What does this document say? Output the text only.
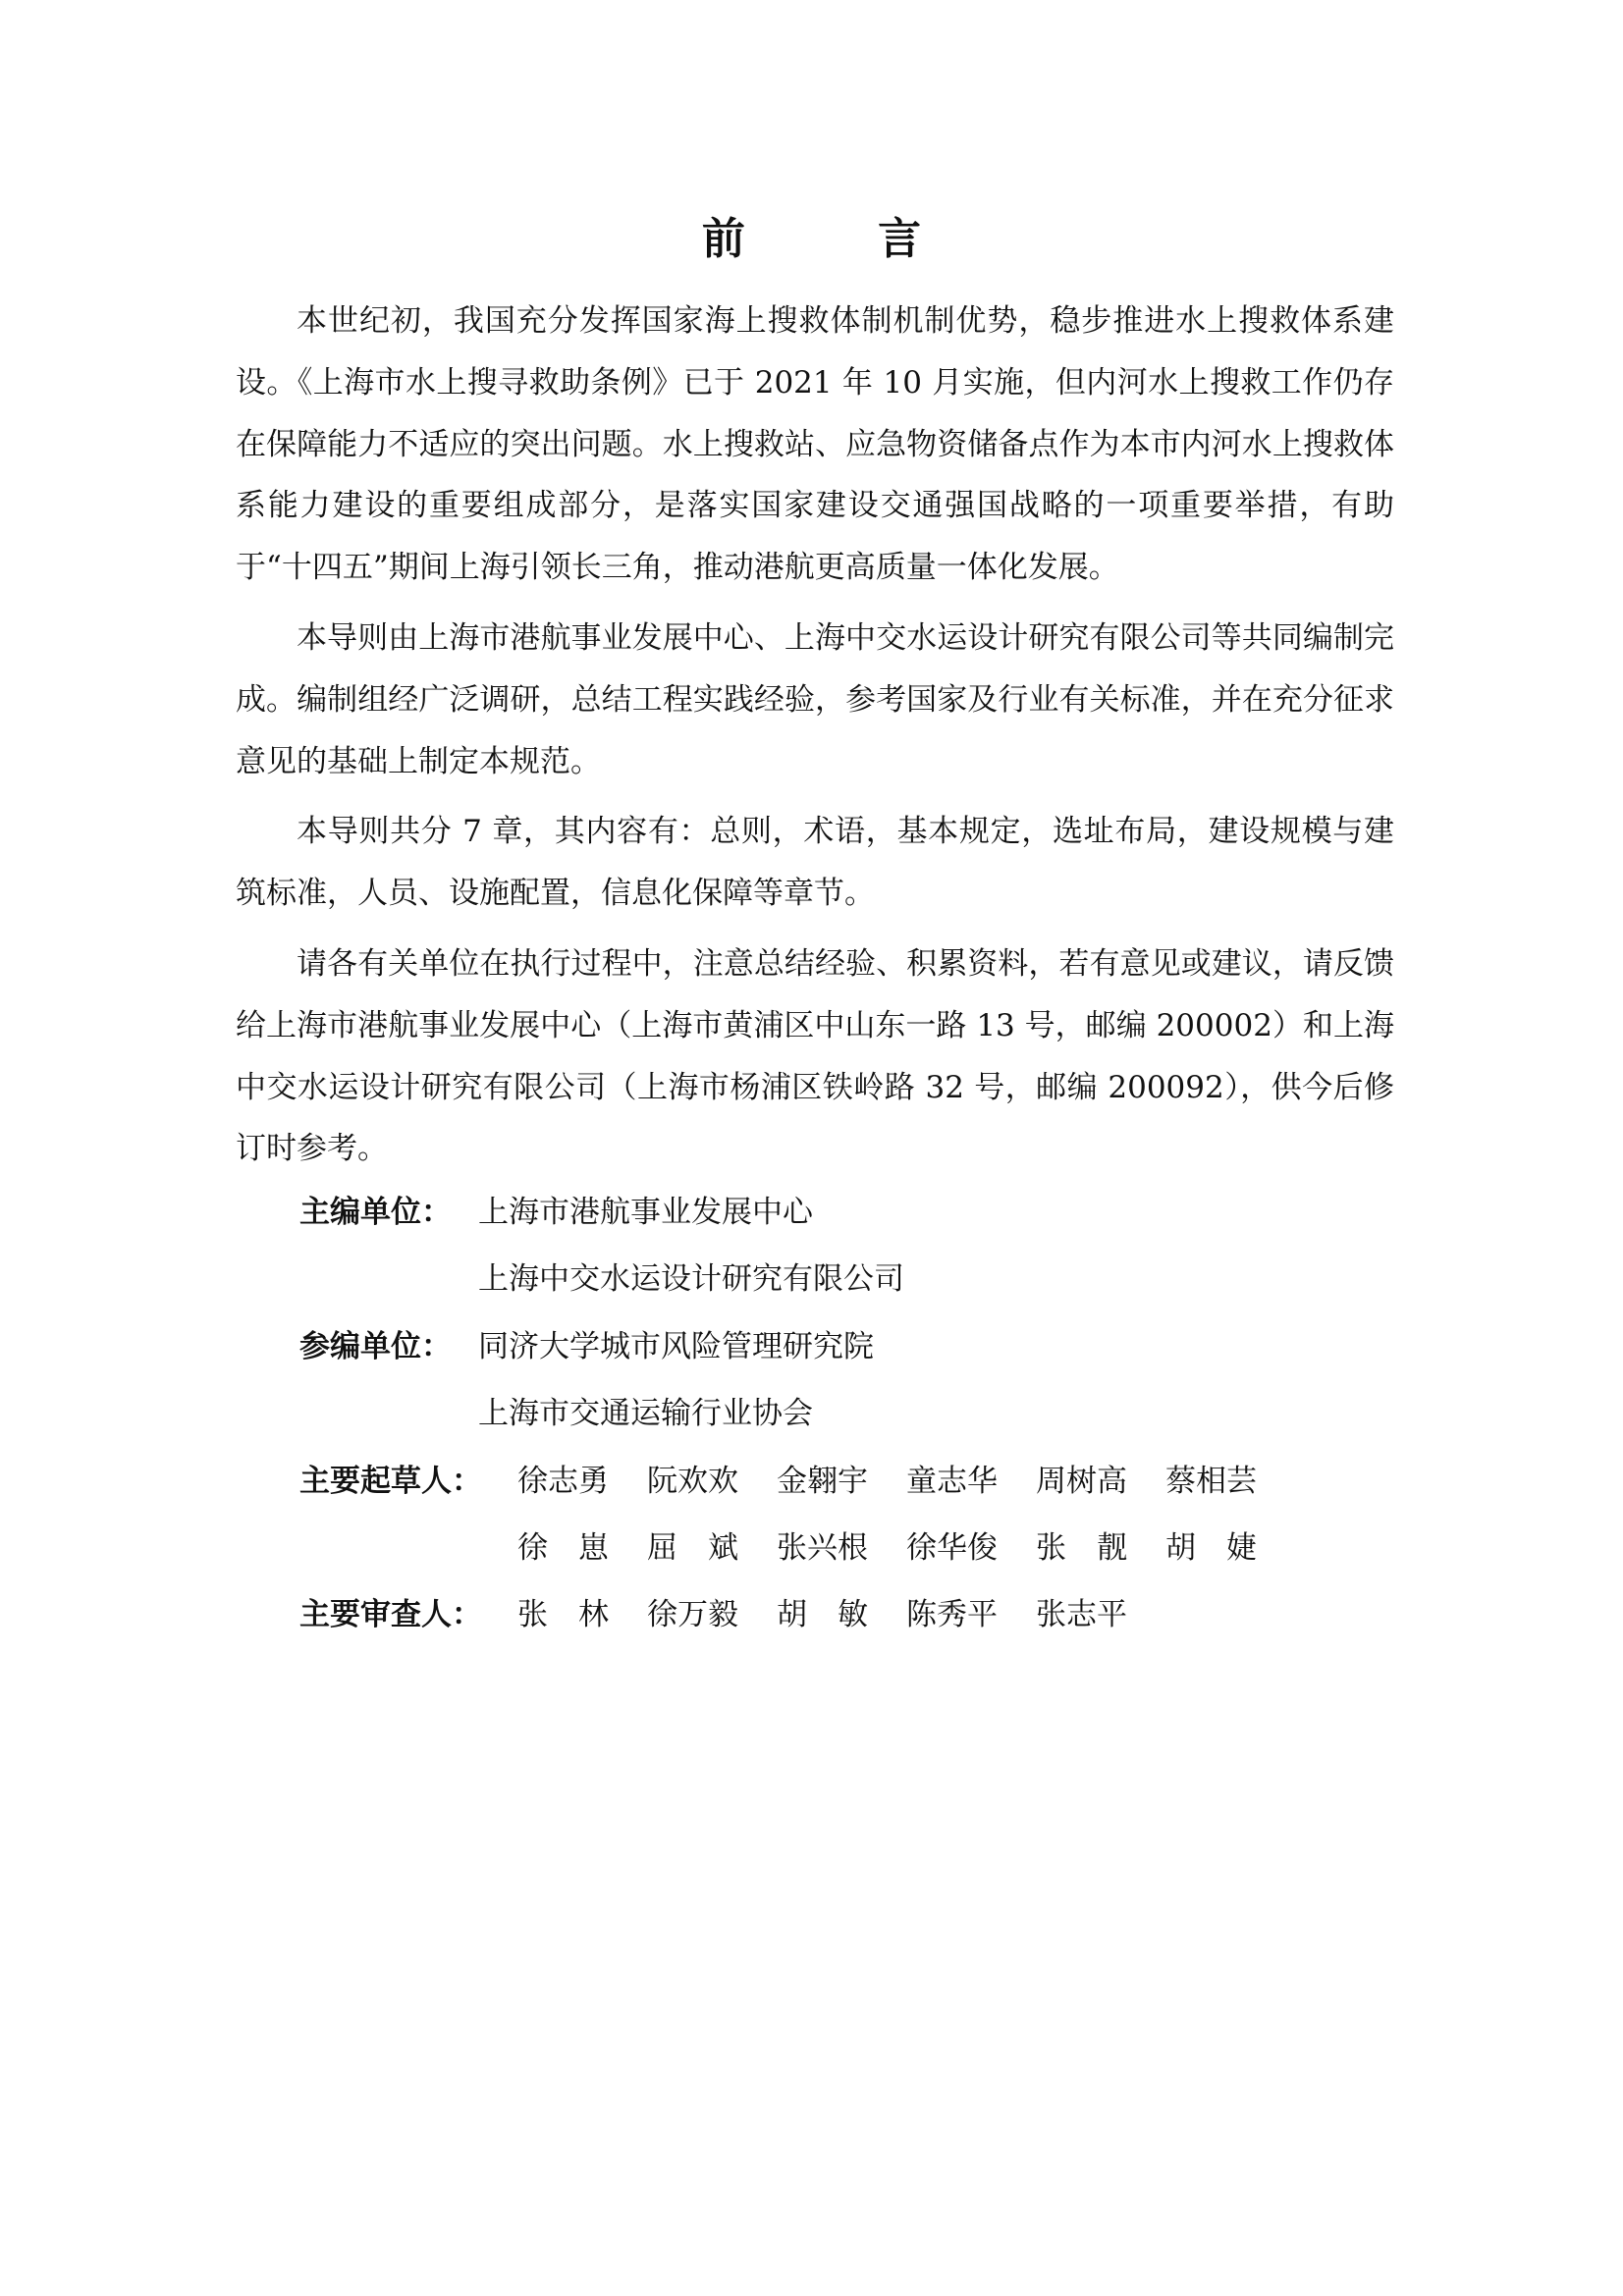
前 言

本世纪初，我国充分发挥国家海上搜救体制机制优势，稳步推进水上搜救体系建设。《上海市水上搜寻救助条例》已于 2021 年 10 月实施，但内河水上搜救工作仍存在保障能力不适应的突出问题。水上搜救站、应急物资储备点作为本市内河水上搜救体系能力建设的重要组成部分，是落实国家建设交通强国战略的一项重要举措，有助于“十四五”期间上海引领长三角，推动港航更高质量一体化发展。

本导则由上海市港航事业发展中心、上海中交水运设计研究有限公司等共同编制完成。编制组经广泛调研，总结工程实践经验，参考国家及行业有关标准，并在充分征求意见的基础上制定本规范。

本导则共分 7 章，其内容有：总则，术语，基本规定，选址布局，建设规模与建筑标准，人员、设施配置，信息化保障等章节。

请各有关单位在执行过程中，注意总结经验、积累资料，若有意见或建议，请反馈给上海市港航事业发展中心（上海市黄浦区中山东一路 13 号，邮编 200002）和上海中交水运设计研究有限公司（上海市杨浦区铁岭路 32 号，邮编 200092），供今后修订时参考。

主编单位： 上海市港航事业发展中心
上海中交水运设计研究有限公司
参编单位： 同济大学城市风险管理研究院
上海市交通运输行业协会
主要起草人：	徐志勇	阮欢欢	金翱宇	童志华	周树高	蔡相芸
徐　崽	屈　斌	张兴根	徐华俊	张　靓	胡　婕
主要审查人：	张　林	徐万毅	胡　敏	陈秀平	张志平
